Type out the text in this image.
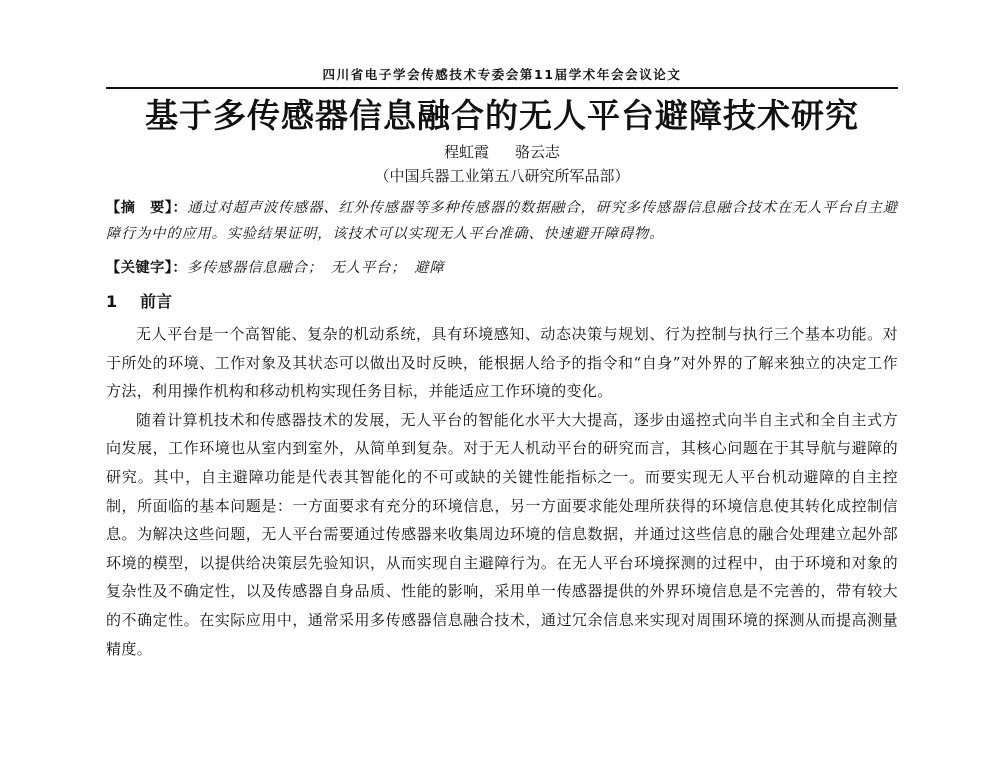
四川省电子学会传感技术专委会第11届学术年会会议论文
基于多传感器信息融合的无人平台避障技术研究
程虹霞 骆云志
（中国兵器工业第五八研究所军品部）
【摘　要】：通过对超声波传感器、红外传感器等多种传感器的数据融合，研究多传感器信息融合技术在无人平台自主避障行为中的应用。实验结果证明，该技术可以实现无人平台准确、快速避开障碍物。
【关键字】：多传感器信息融合；　无人平台；　避障
1 前言

无人平台是一个高智能、复杂的机动系统，具有环境感知、动态决策与规划、行为控制与执行三个基本功能。对于所处的环境、工作对象及其状态可以做出及时反映，能根据人给予的指令和“自身”对外界的了解来独立的决定工作方法，利用操作机构和移动机构实现任务目标，并能适应工作环境的变化。

随着计算机技术和传感器技术的发展，无人平台的智能化水平大大提高，逐步由遥控式向半自主式和全自主式方向发展，工作环境也从室内到室外，从简单到复杂。对于无人机动平台的研究而言，其核心问题在于其导航与避障的研究。其中，自主避障功能是代表其智能化的不可或缺的关键性能指标之一。而要实现无人平台机动避障的自主控制，所面临的基本问题是：一方面要求有充分的环境信息，另一方面要求能处理所获得的环境信息使其转化成控制信息。为解决这些问题，无人平台需要通过传感器来收集周边环境的信息数据，并通过这些信息的融合处理建立起外部环境的模型，以提供给决策层先验知识，从而实现自主避障行为。在无人平台环境探测的过程中，由于环境和对象的复杂性及不确定性，以及传感器自身品质、性能的影响，采用单一传感器提供的外界环境信息是不完善的，带有较大的不确定性。在实际应用中，通常采用多传感器信息融合技术，通过冗余信息来实现对周围环境的探测从而提高测量精度。
